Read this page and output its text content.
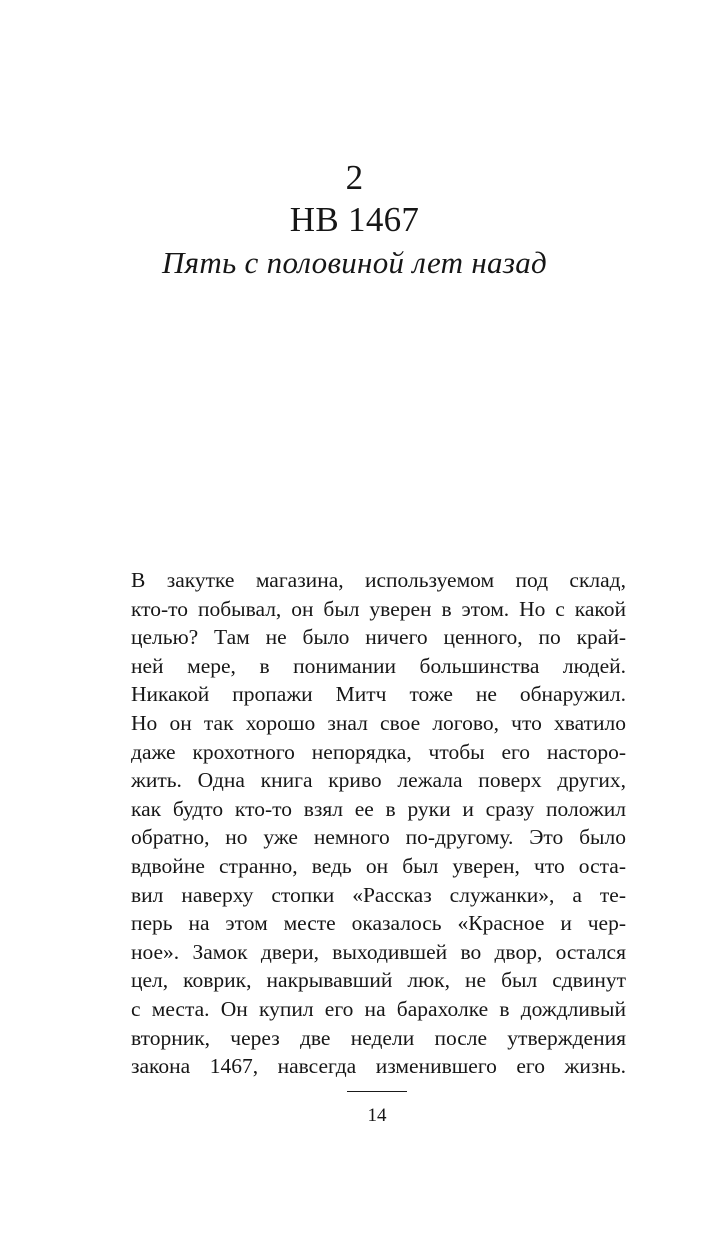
2
НВ 1467
Пять с половиной лет назад
В закутке магазина, используемом под склад,
кто-то побывал, он был уверен в этом. Но с какой
целью? Там не было ничего ценного, по край-
ней мере, в понимании большинства людей.
Никакой пропажи Митч тоже не обнаружил.
Но он так хорошо знал свое логово, что хватило
даже крохотного непорядка, чтобы его насторо-
жить. Одна книга криво лежала поверх других,
как будто кто-то взял ее в руки и сразу положил
обратно, но уже немного по-другому. Это было
вдвойне странно, ведь он был уверен, что оста-
вил наверху стопки «Рассказ служанки», а те-
перь на этом месте оказалось «Красное и чер-
ное». Замок двери, выходившей во двор, остался
цел, коврик, накрывавший люк, не был сдвинут
с места. Он купил его на барахолке в дождливый
вторник, через две недели после утверждения
закона 1467, навсегда изменившего его жизнь.
14
